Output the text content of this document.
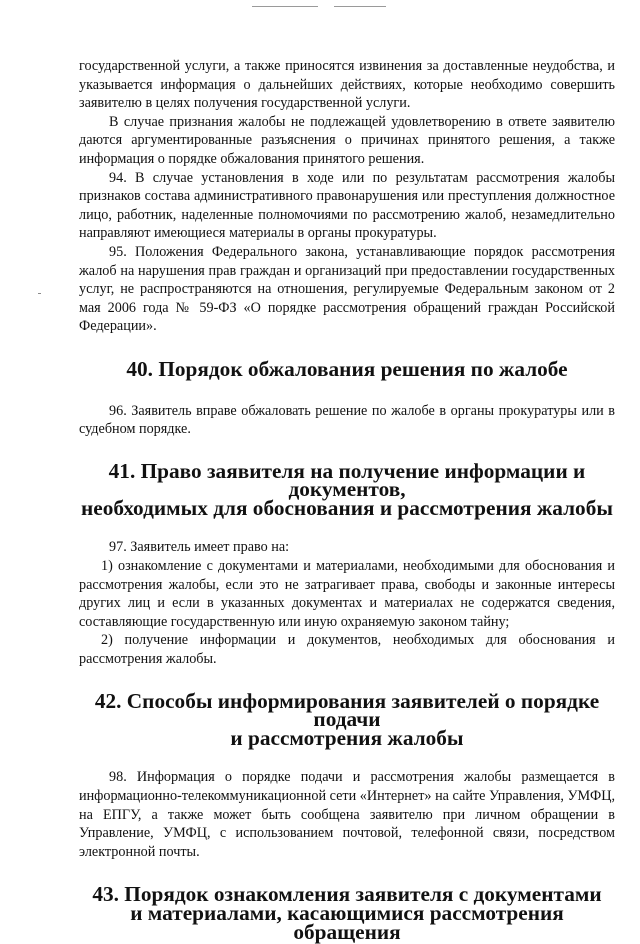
государственной услуги, а также приносятся извинения за доставленные неудобства, и указывается информация о дальнейших действиях, которые необходимо совершить заявителю в целях получения государственной услуги.

В случае признания жалобы не подлежащей удовлетворению в ответе заявителю даются аргументированные разъяснения о причинах принятого решения, а также информация о порядке обжалования принятого решения.

94. В случае установления в ходе или по результатам рассмотрения жалобы признаков состава административного правонарушения или преступления должностное лицо, работник, наделенные полномочиями по рассмотрению жалоб, незамедлительно направляют имеющиеся материалы в органы прокуратуры.

95. Положения Федерального закона, устанавливающие порядок рассмотрения жалоб на нарушения прав граждан и организаций при предоставлении государственных услуг, не распространяются на отношения, регулируемые Федеральным законом от 2 мая 2006 года № 59-ФЗ «О порядке рассмотрения обращений граждан Российской Федерации».

40. Порядок обжалования решения по жалобе

96. Заявитель вправе обжаловать решение по жалобе в органы прокуратуры или в судебном порядке.

41. Право заявителя на получение информации и документов,
необходимых для обоснования и рассмотрения жалобы

97. Заявитель имеет право на:

1) ознакомление с документами и материалами, необходимыми для обоснования и рассмотрения жалобы, если это не затрагивает права, свободы и законные интересы других лиц и если в указанных документах и материалах не содержатся сведения, составляющие государственную или иную охраняемую законом тайну;

2) получение информации и документов, необходимых для обоснования и рассмотрения жалобы.

42. Способы информирования заявителей о порядке подачи
и рассмотрения жалобы

98. Информация о порядке подачи и рассмотрения жалобы размещается в информационно-телекоммуникационной сети «Интернет» на сайте Управления, УМФЦ, на ЕПГУ, а также может быть сообщена заявителю при личном обращении в Управление, УМФЦ, с использованием почтовой, телефонной связи, посредством электронной почты.

43. Порядок ознакомления заявителя с документами
и материалами, касающимися рассмотрения обращения
